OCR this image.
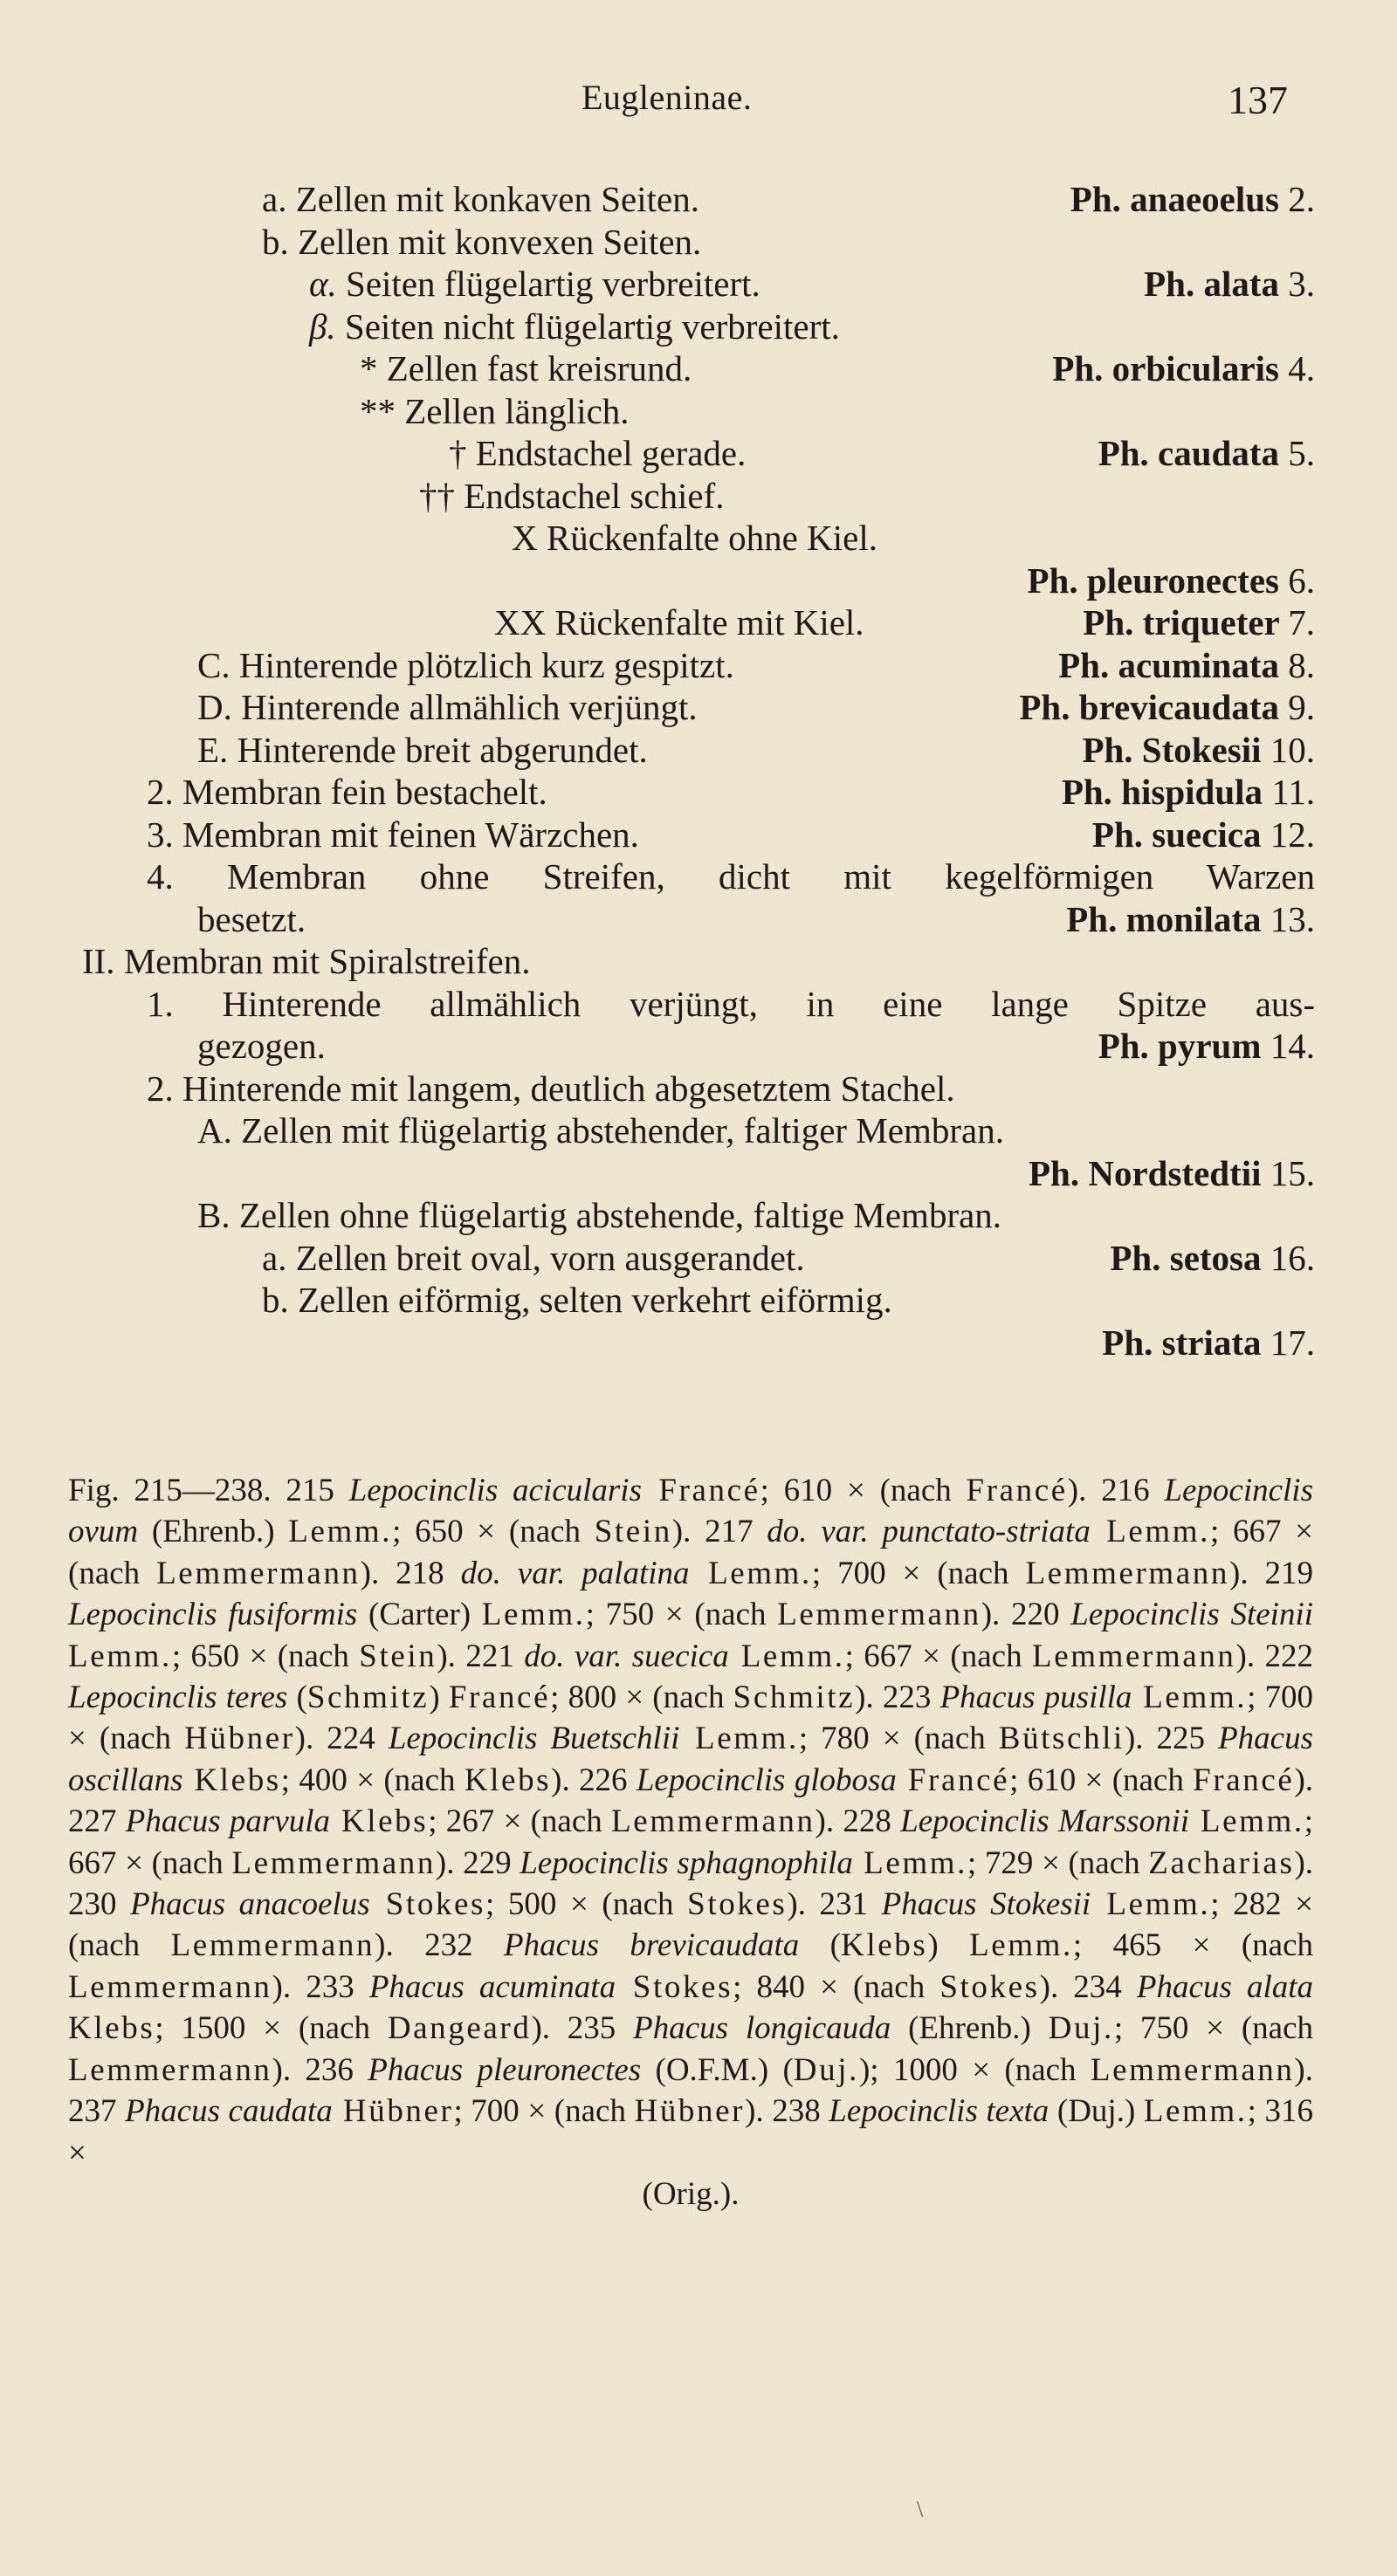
Eugleninae.	137
a. Zellen mit konkaven Seiten.	Ph. anaeoelus 2.
b. Zellen mit konvexen Seiten.
α. Seiten flügelartig verbreitert.	Ph. alata 3.
β. Seiten nicht flügelartig verbreitert.
* Zellen fast kreisrund.	Ph. orbicularis 4.
** Zellen länglich.
† Endstachel gerade.	Ph. caudata 5.
†† Endstachel schief.
X Rückenfalte ohne Kiel.
Ph. pleuronectes 6.
XX Rückenfalte mit Kiel.	Ph. triqueter 7.
C. Hinterende plötzlich kurz gespitzt.	Ph. acuminata 8.
D. Hinterende allmählich verjüngt.	Ph. brevicaudata 9.
E. Hinterende breit abgerundet.	Ph. Stokesii 10.
2. Membran fein bestachelt.	Ph. hispidula 11.
3. Membran mit feinen Wärzchen.	Ph. suecica 12.
4. Membran ohne Streifen, dicht mit kegelförmigen Warzen
besetzt.	Ph. monilata 13.
II. Membran mit Spiralstreifen.
1. Hinterende allmählich verjüngt, in eine lange Spitze aus-
gezogen.	Ph. pyrum 14.
2. Hinterende mit langem, deutlich abgesetztem Stachel.
A. Zellen mit flügelartig abstehender, faltiger Membran.
Ph. Nordstedtii 15.
B. Zellen ohne flügelartig abstehende, faltige Membran.
a. Zellen breit oval, vorn ausgerandet.	Ph. setosa 16.
b. Zellen eiförmig, selten verkehrt eiförmig.
Ph. striata 17.
Fig. 215—238. 215 Lepocinclis acicularis Francé; 610 × (nach Francé). 216 Lepocinclis ovum (Ehrenb.) Lemm.; 650 × (nach Stein). 217 do. var. punctato-striata Lemm.; 667 × (nach Lemmermann). 218 do. var. palatina Lemm.; 700 × (nach Lemmermann). 219 Lepocinclis fusiformis (Carter) Lemm.; 750 × (nach Lemmermann). 220 Lepocinclis Steinii Lemm.; 650 × (nach Stein). 221 do. var. suecica Lemm.; 667 × (nach Lemmermann). 222 Lepocinclis teres (Schmitz) Francé; 800 × (nach Schmitz). 223 Phacus pusilla Lemm.; 700 × (nach Hübner). 224 Lepocinclis Buetschlii Lemm.; 780 × (nach Bütschli). 225 Phacus oscillans Klebs; 400 × (nach Klebs). 226 Lepocinclis globosa Francé; 610 × (nach Francé). 227 Phacus parvula Klebs; 267 × (nach Lemmermann). 228 Lepocinclis Marssonii Lemm.; 667 × (nach Lemmermann). 229 Lepocinclis sphagnophila Lemm.; 729 × (nach Zacharias). 230 Phacus anacoelus Stokes; 500 × (nach Stokes). 231 Phacus Stokesii Lemm.; 282 × (nach Lemmermann). 232 Phacus brevicaudata (Klebs) Lemm.; 465 × (nach Lemmermann). 233 Phacus acuminata Stokes; 840 × (nach Stokes). 234 Phacus alata Klebs; 1500 × (nach Dangeard). 235 Phacus longicauda (Ehrenb.) Duj.; 750 × (nach Lemmermann). 236 Phacus pleuronectes (O.F.M.) (Duj.); 1000 × (nach Lemmermann). 237 Phacus caudata Hübner; 700 × (nach Hübner). 238 Lepocinclis texta (Duj.) Lemm.; 316 ×
(Orig.).
\
